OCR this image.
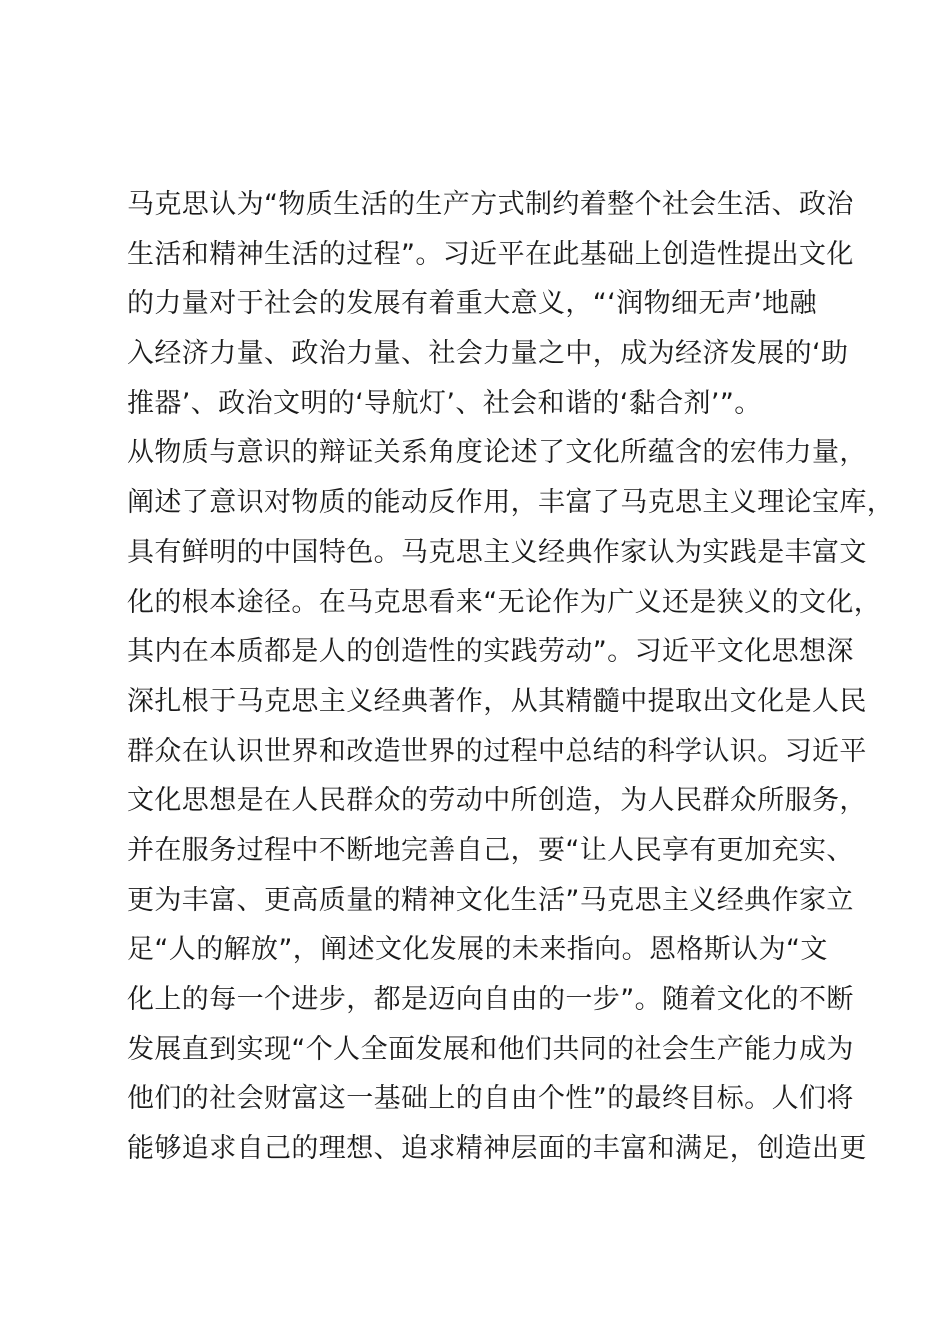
马克思认为“物质生活的生产方式制约着整个社会生活、政治
生活和精神生活的过程”。习近平在此基础上创造性提出文化
的力量对于社会的发展有着重大意义，“‘润物细无声’地融
入经济力量、政治力量、社会力量之中，成为经济发展的‘助
推器’、政治文明的‘导航灯’、社会和谐的‘黏合剂’”。
从物质与意识的辩证关系角度论述了文化所蕴含的宏伟力量，
阐述了意识对物质的能动反作用，丰富了马克思主义理论宝库，
具有鲜明的中国特色。马克思主义经典作家认为实践是丰富文
化的根本途径。在马克思看来“无论作为广义还是狭义的文化，
其内在本质都是人的创造性的实践劳动”。习近平文化思想深
深扎根于马克思主义经典著作，从其精髓中提取出文化是人民
群众在认识世界和改造世界的过程中总结的科学认识。习近平
文化思想是在人民群众的劳动中所创造，为人民群众所服务，
并在服务过程中不断地完善自己，要“让人民享有更加充实、
更为丰富、更高质量的精神文化生活”马克思主义经典作家立
足“人的解放”，阐述文化发展的未来指向。恩格斯认为“文
化上的每一个进步，都是迈向自由的一步”。随着文化的不断
发展直到实现“个人全面发展和他们共同的社会生产能力成为
他们的社会财富这一基础上的自由个性”的最终目标。人们将
能够追求自己的理想、追求精神层面的丰富和满足，创造出更
